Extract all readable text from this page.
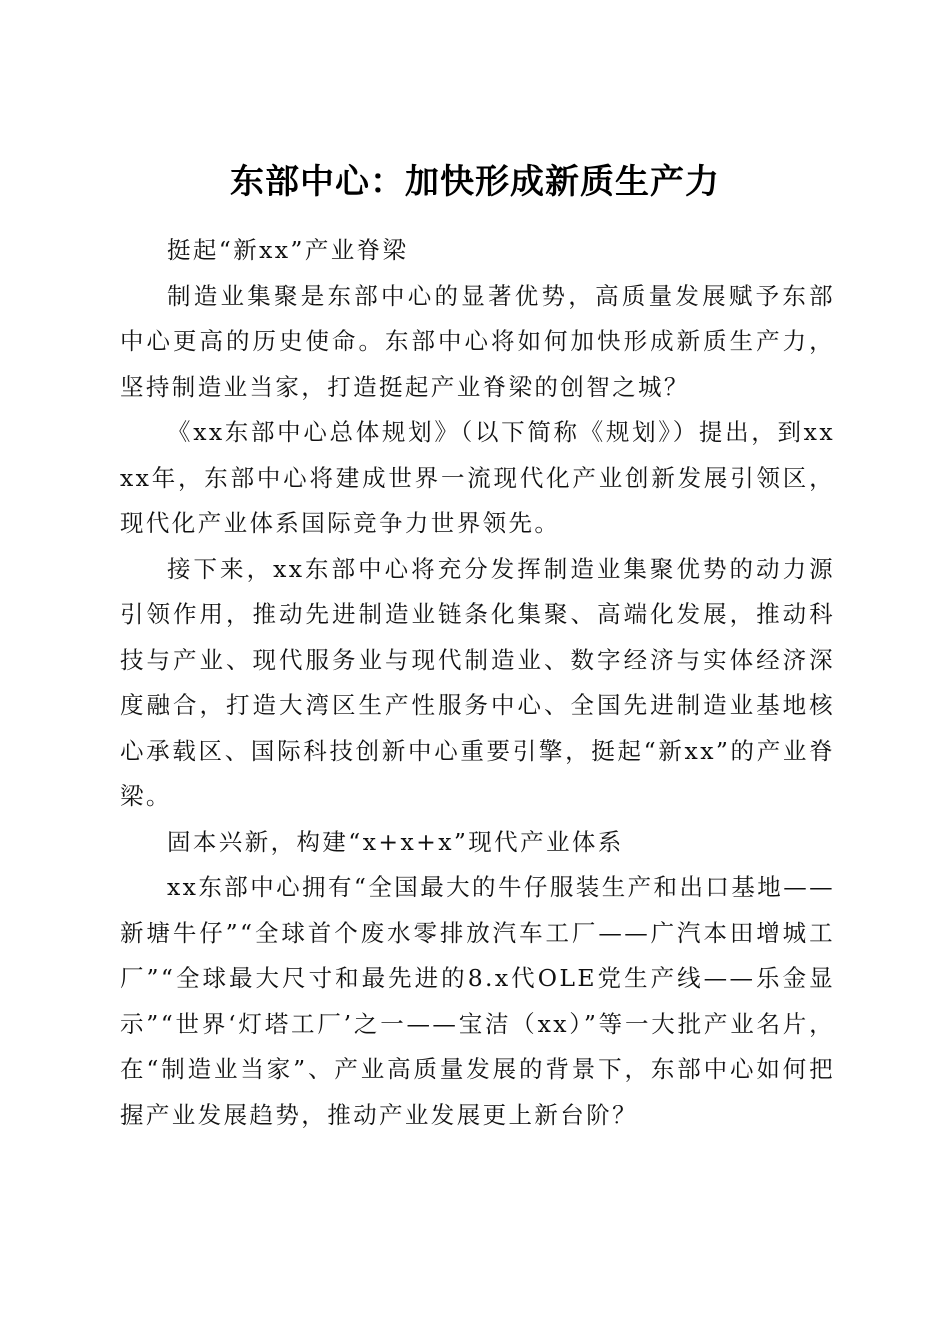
东部中心：加快形成新质生产力

挺起“新xx”产业脊梁

制造业集聚是东部中心的显著优势，高质量发展赋予东部中心更高的历史使命。东部中心将如何加快形成新质生产力，坚持制造业当家，打造挺起产业脊梁的创智之城？

《xx东部中心总体规划》（以下简称《规划》）提出，到xxxx年，东部中心将建成世界一流现代化产业创新发展引领区，现代化产业体系国际竞争力世界领先。

接下来，xx东部中心将充分发挥制造业集聚优势的动力源引领作用，推动先进制造业链条化集聚、高端化发展，推动科技与产业、现代服务业与现代制造业、数字经济与实体经济深度融合，打造大湾区生产性服务中心、全国先进制造业基地核心承载区、国际科技创新中心重要引擎，挺起“新xx”的产业脊梁。

固本兴新，构建“x+x+x”现代产业体系

xx东部中心拥有“全国最大的牛仔服装生产和出口基地——新塘牛仔”“全球首个废水零排放汽车工厂——广汽本田增城工厂”“全球最大尺寸和最先进的8.x代OLE党生产线——乐金显示”“世界‘灯塔工厂’之一——宝洁（xx）”等一大批产业名片，在“制造业当家”、产业高质量发展的背景下，东部中心如何把握产业发展趋势，推动产业发展更上新台阶？
